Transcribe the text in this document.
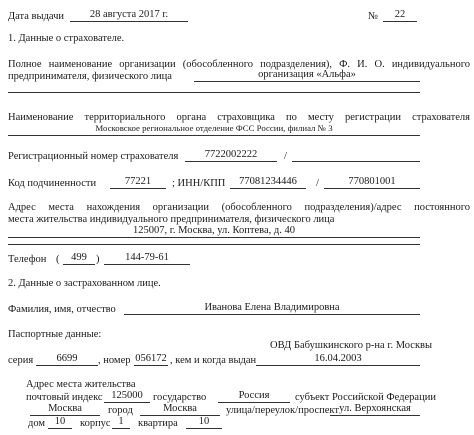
Дата выдачи	28 августа 2017 г.	№	22
1. Данные о страхователе.
Полное наименование организации (обособленного подразделения), Ф. И. О. индивидуального
предпринимателя, физического лица	организация «Альфа»
Наименование территориального органа страховщика по месту регистрации страхователя
Московское региональное отделение ФСС России, филиал № 3
Регистрационный номер страхователя	7722002222	/
Код подчиненности	77221	; ИНН/КПП	77081234446	/	770801001
Адрес места нахождения организации (обособленного подразделения)/адрес постоянного
места жительства индивидуального предпринимателя, физического лица
125007, г. Москва, ул. Коптева, д. 40
Телефон (	499 )	144-79-61
2. Данные о застрахованном лице.
Фамилия, имя, отчество	Иванова Елена Владимировна
Паспортные данные:
серия	6699	, номер 056172 , кем и когда выдан
ОВД Бабушкинского р-на г. Москвы
16.04.2003
Адрес места жительства
почтовый индекс 125000 государство	Россия	субъект Российской Федерации
Москва	город	Москва	улица/переулок/проспект ул. Верхоянская
дом 10	корпус 1	квартира	10
